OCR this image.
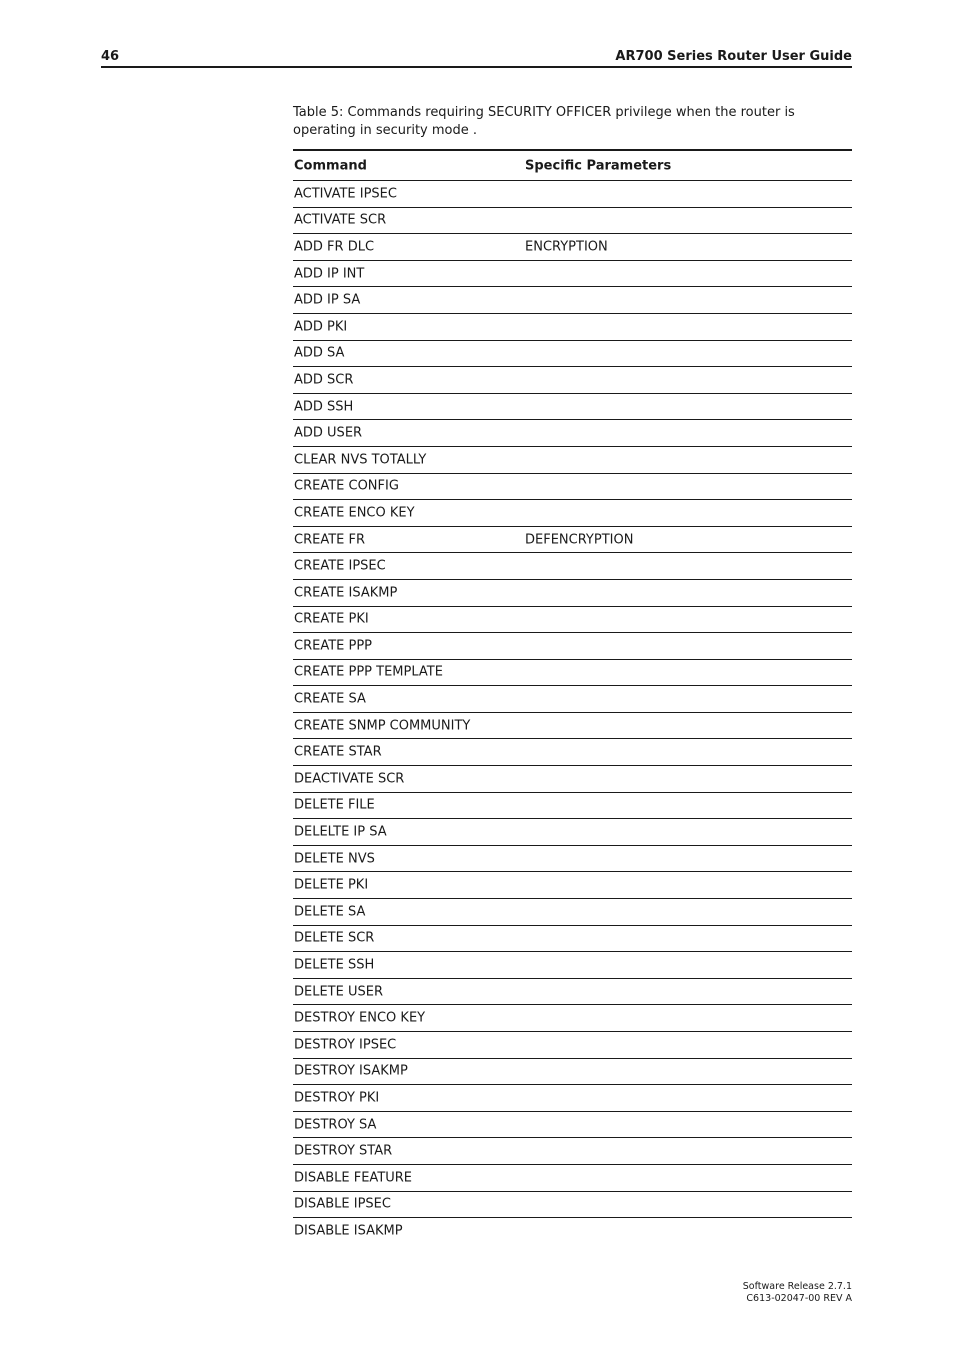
46	AR700 Series Router User Guide
Table 5: Commands requiring SECURITY OFFICER privilege when the router is operating in security mode .
Command	Specific Parameters
ACTIVATE IPSEC
ACTIVATE SCR
ADD FR DLC	ENCRYPTION
ADD IP INT
ADD IP SA
ADD PKI
ADD SA
ADD SCR
ADD SSH
ADD USER
CLEAR NVS TOTALLY
CREATE CONFIG
CREATE ENCO KEY
CREATE FR	DEFENCRYPTION
CREATE IPSEC
CREATE ISAKMP
CREATE PKI
CREATE PPP
CREATE PPP TEMPLATE
CREATE SA
CREATE SNMP COMMUNITY
CREATE STAR
DEACTIVATE SCR
DELETE FILE
DELELTE IP SA
DELETE NVS
DELETE PKI
DELETE SA
DELETE SCR
DELETE SSH
DELETE USER
DESTROY ENCO KEY
DESTROY IPSEC
DESTROY ISAKMP
DESTROY PKI
DESTROY SA
DESTROY STAR
DISABLE FEATURE
DISABLE IPSEC
DISABLE ISAKMP
Software Release 2.7.1
C613-02047-00 REV A
